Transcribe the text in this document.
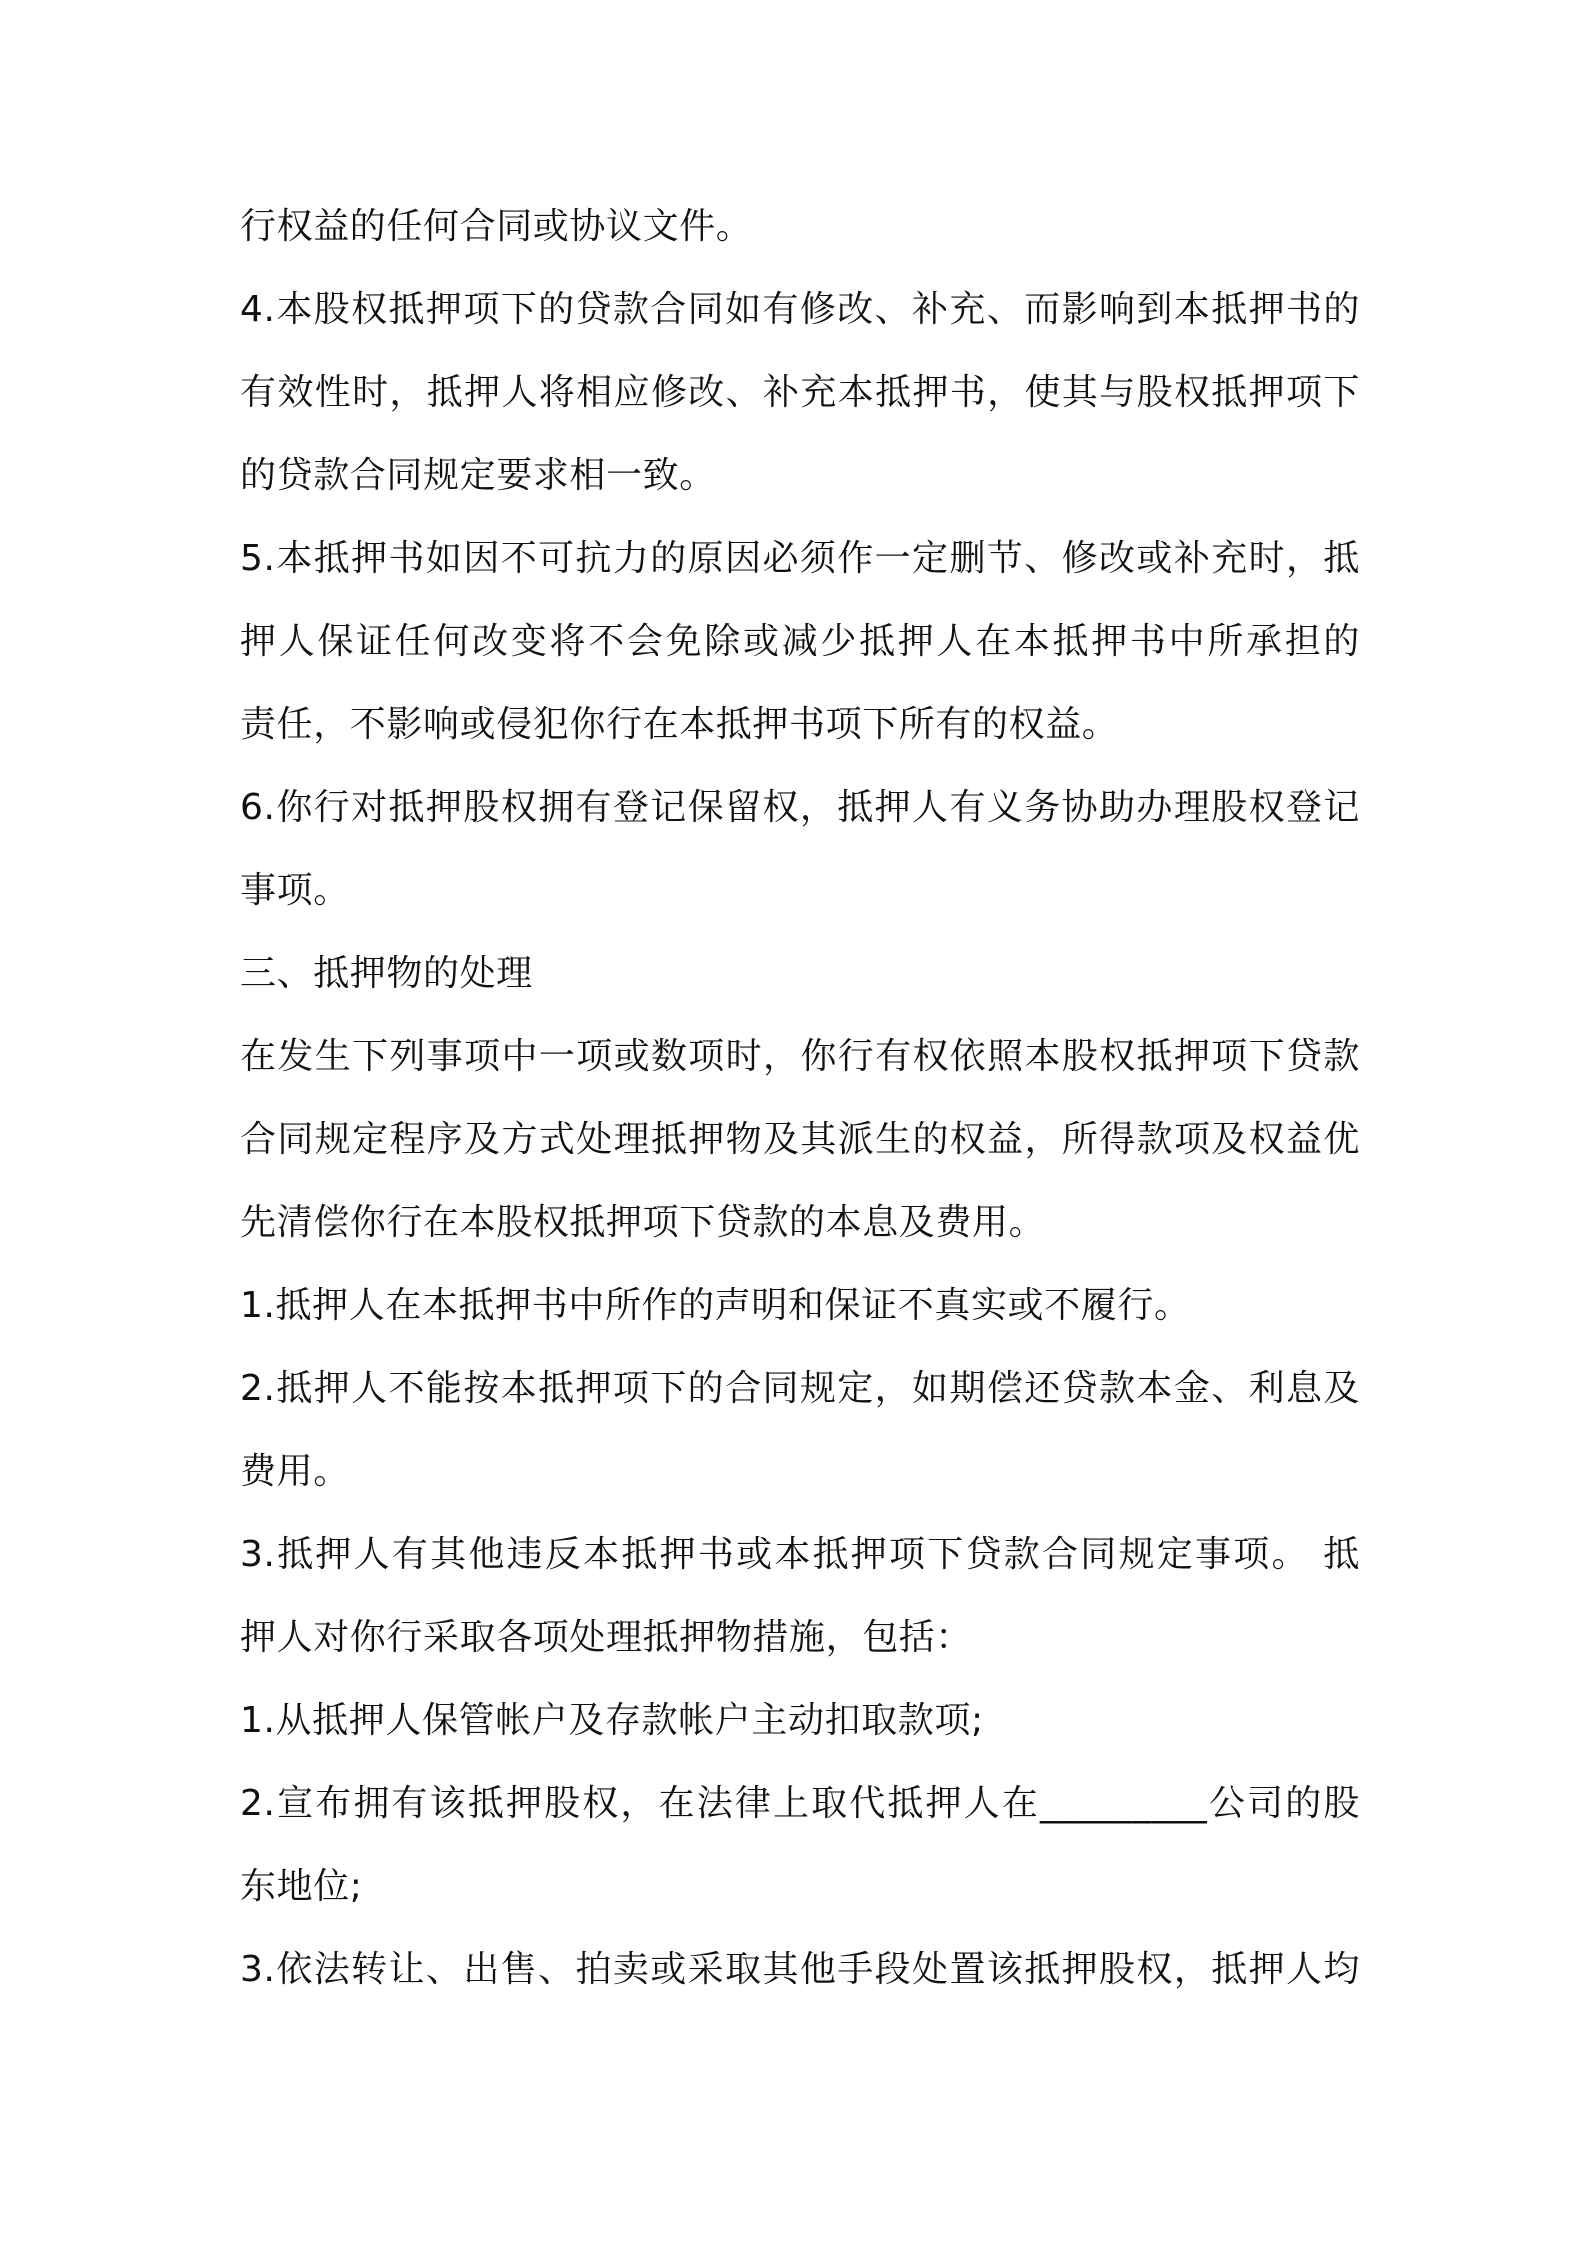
行权益的任何合同或协议文件。
4.本股权抵押项下的贷款合同如有修改、补充、而影响到本抵押书的
有效性时，抵押人将相应修改、补充本抵押书，使其与股权抵押项下
的贷款合同规定要求相一致。
5.本抵押书如因不可抗力的原因必须作一定删节、修改或补充时，抵
押人保证任何改变将不会免除或减少抵押人在本抵押书中所承担的
责任，不影响或侵犯你行在本抵押书项下所有的权益。
6.你行对抵押股权拥有登记保留权，抵押人有义务协助办理股权登记
事项。
三、抵押物的处理
在发生下列事项中一项或数项时，你行有权依照本股权抵押项下贷款
合同规定程序及方式处理抵押物及其派生的权益，所得款项及权益优
先清偿你行在本股权抵押项下贷款的本息及费用。
1.抵押人在本抵押书中所作的声明和保证不真实或不履行。
2.抵押人不能按本抵押项下的合同规定，如期偿还贷款本金、利息及
费用。
3.抵押人有其他违反本抵押书或本抵押项下贷款合同规定事项。 抵
押人对你行采取各项处理抵押物措施，包括：
1.从抵押人保管帐户及存款帐户主动扣取款项;
2.宣布拥有该抵押股权，在法律上取代抵押人在_________公司的股
东地位;
3.依法转让、出售、拍卖或采取其他手段处置该抵押股权，抵押人均
